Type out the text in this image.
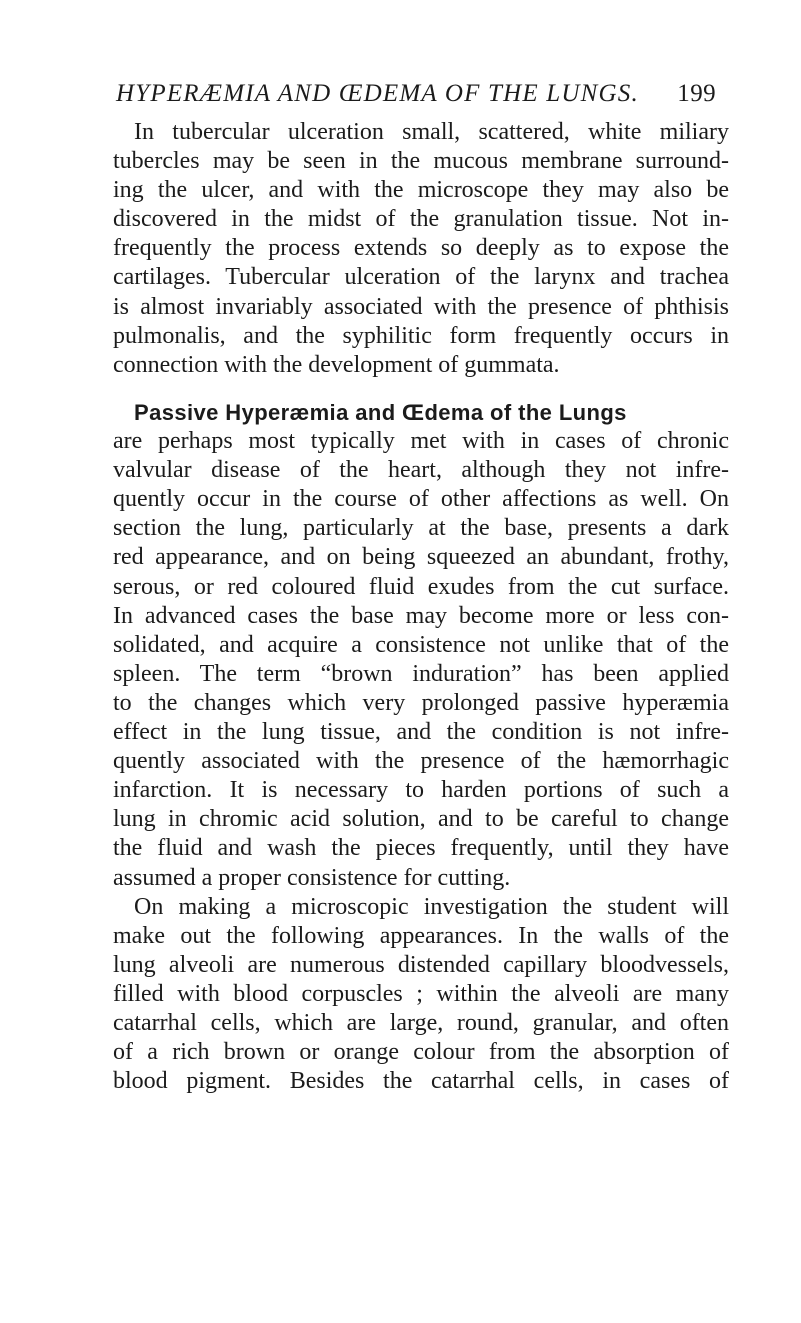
HYPERÆMIA AND ŒDEMA OF THE LUNGS. 199
In tubercular ulceration small, scattered, white miliary
tubercles may be seen in the mucous membrane surround-
ing the ulcer, and with the microscope they may also be
discovered in the midst of the granulation tissue. Not in-
frequently the process extends so deeply as to expose the
cartilages. Tubercular ulceration of the larynx and trachea
is almost invariably associated with the presence of phthisis
pulmonalis, and the syphilitic form frequently occurs in
connection with the development of gummata.
Passive Hyperæmia and Œdema of the Lungs
are perhaps most typically met with in cases of chronic
valvular disease of the heart, although they not infre-
quently occur in the course of other affections as well. On
section the lung, particularly at the base, presents a dark
red appearance, and on being squeezed an abundant, frothy,
serous, or red coloured fluid exudes from the cut surface.
In advanced cases the base may become more or less con-
solidated, and acquire a consistence not unlike that of the
spleen. The term “brown induration” has been applied
to the changes which very prolonged passive hyperæmia
effect in the lung tissue, and the condition is not infre-
quently associated with the presence of the hæmorrhagic
infarction. It is necessary to harden portions of such a
lung in chromic acid solution, and to be careful to change
the fluid and wash the pieces frequently, until they have
assumed a proper consistence for cutting.
On making a microscopic investigation the student will
make out the following appearances. In the walls of the
lung alveoli are numerous distended capillary bloodvessels,
filled with blood corpuscles ; within the alveoli are many
catarrhal cells, which are large, round, granular, and often
of a rich brown or orange colour from the absorption of
blood pigment. Besides the catarrhal cells, in cases of
